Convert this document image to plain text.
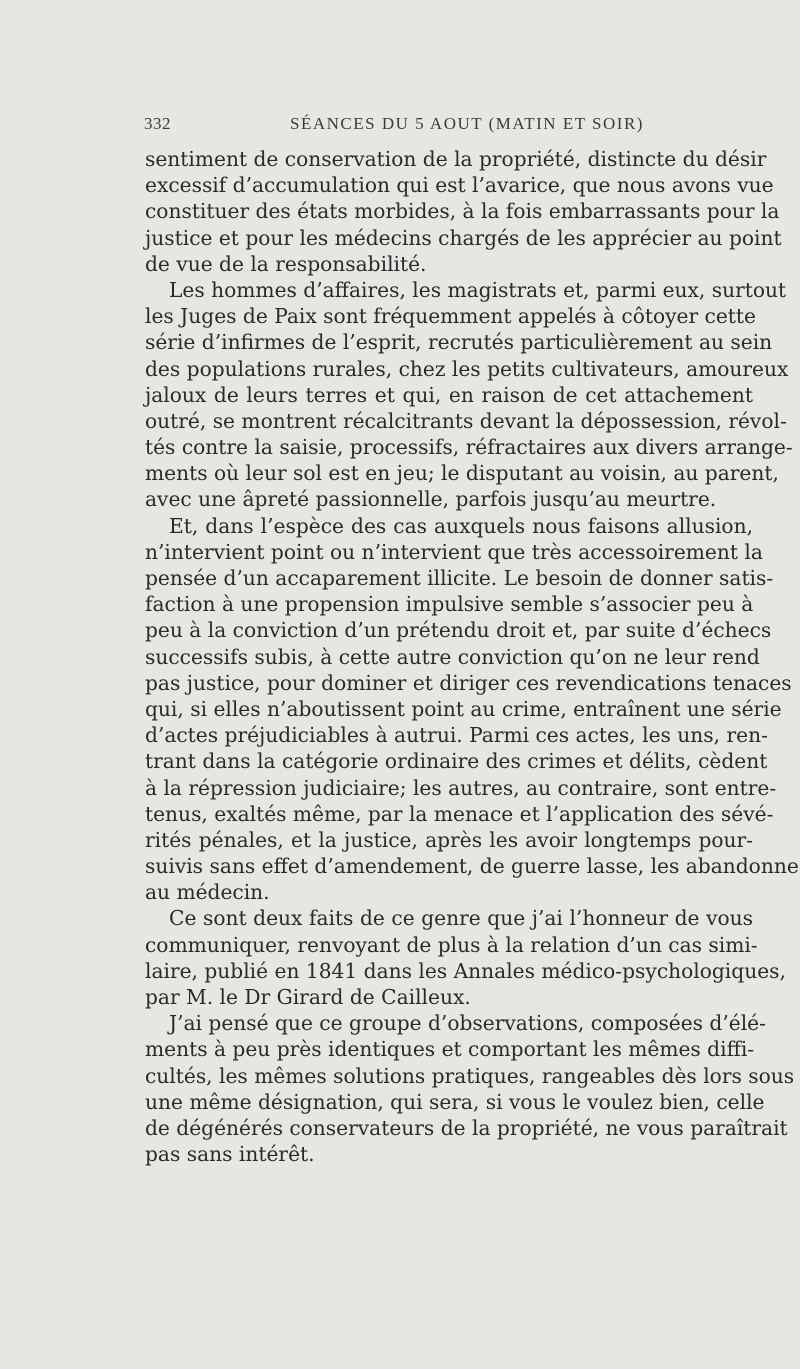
332	SÉANCES DU 5 AOUT (MATIN ET SOIR)
sentiment de conservation de la propriété, distincte du désir
excessif d’accumulation qui est l’avarice, que nous avons vue
constituer des états morbides, à la fois embarrassants pour la
justice et pour les médecins chargés de les apprécier au point
de vue de la responsabilité.
Les hommes d’affaires, les magistrats et, parmi eux, surtout
les Juges de Paix sont fréquemment appelés à côtoyer cette
série d’infirmes de l’esprit, recrutés particulièrement au sein
des populations rurales, chez les petits cultivateurs, amoureux
jaloux de leurs terres et qui, en raison de cet attachement
outré, se montrent récalcitrants devant la dépossession, révol-
tés contre la saisie, processifs, réfractaires aux divers arrange-
ments où leur sol est en jeu; le disputant au voisin, au parent,
avec une âpreté passionnelle, parfois jusqu’au meurtre.
Et, dans l’espèce des cas auxquels nous faisons allusion,
n’intervient point ou n’intervient que très accessoirement la
pensée d’un accaparement illicite. Le besoin de donner satis-
faction à une propension impulsive semble s’associer peu à
peu à la conviction d’un prétendu droit et, par suite d’échecs
successifs subis, à cette autre conviction qu’on ne leur rend
pas justice, pour dominer et diriger ces revendications tenaces
qui, si elles n’aboutissent point au crime, entraînent une série
d’actes préjudiciables à autrui. Parmi ces actes, les uns, ren-
trant dans la catégorie ordinaire des crimes et délits, cèdent
à la répression judiciaire; les autres, au contraire, sont entre-
tenus, exaltés même, par la menace et l’application des sévé-
rités pénales, et la justice, après les avoir longtemps pour-
suivis sans effet d’amendement, de guerre lasse, les abandonne
au médecin.
Ce sont deux faits de ce genre que j’ai l’honneur de vous
communiquer, renvoyant de plus à la relation d’un cas simi-
laire, publié en 1841 dans les Annales médico-psychologiques,
par M. le Dr Girard de Cailleux.
J’ai pensé que ce groupe d’observations, composées d’élé-
ments à peu près identiques et comportant les mêmes diffi-
cultés, les mêmes solutions pratiques, rangeables dès lors sous
une même désignation, qui sera, si vous le voulez bien, celle
de dégénérés conservateurs de la propriété, ne vous paraîtrait
pas sans intérêt.
